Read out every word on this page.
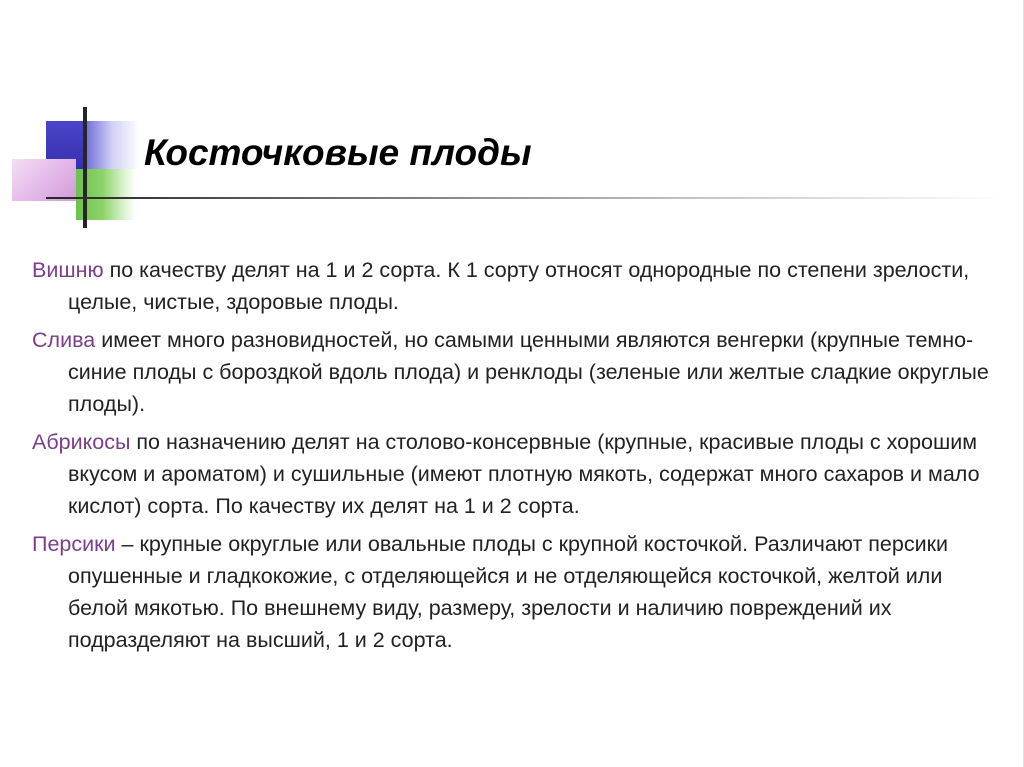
Косточковые плоды

Вишню по качеству делят на 1 и 2 сорта. К 1 сорту относят однородные по степени зрелости, целые, чистые, здоровые плоды.

Слива имеет много разновидностей, но самыми ценными являются венгерки (крупные темно-синие плоды с бороздкой вдоль плода) и ренклоды (зеленые или желтые сладкие округлые плоды).

Абрикосы по назначению делят на столово-консервные (крупные, красивые плоды с хорошим вкусом и ароматом) и сушильные (имеют плотную мякоть, содержат много сахаров и мало кислот) сорта. По качеству их делят на 1 и 2 сорта.

Персики – крупные округлые или овальные плоды с крупной косточкой. Различают персики опушенные и гладкокожие, с отделяющейся и не отделяющейся косточкой, желтой или белой мякотью. По внешнему виду, размеру, зрелости и наличию повреждений их подразделяют на высший, 1 и 2 сорта.
